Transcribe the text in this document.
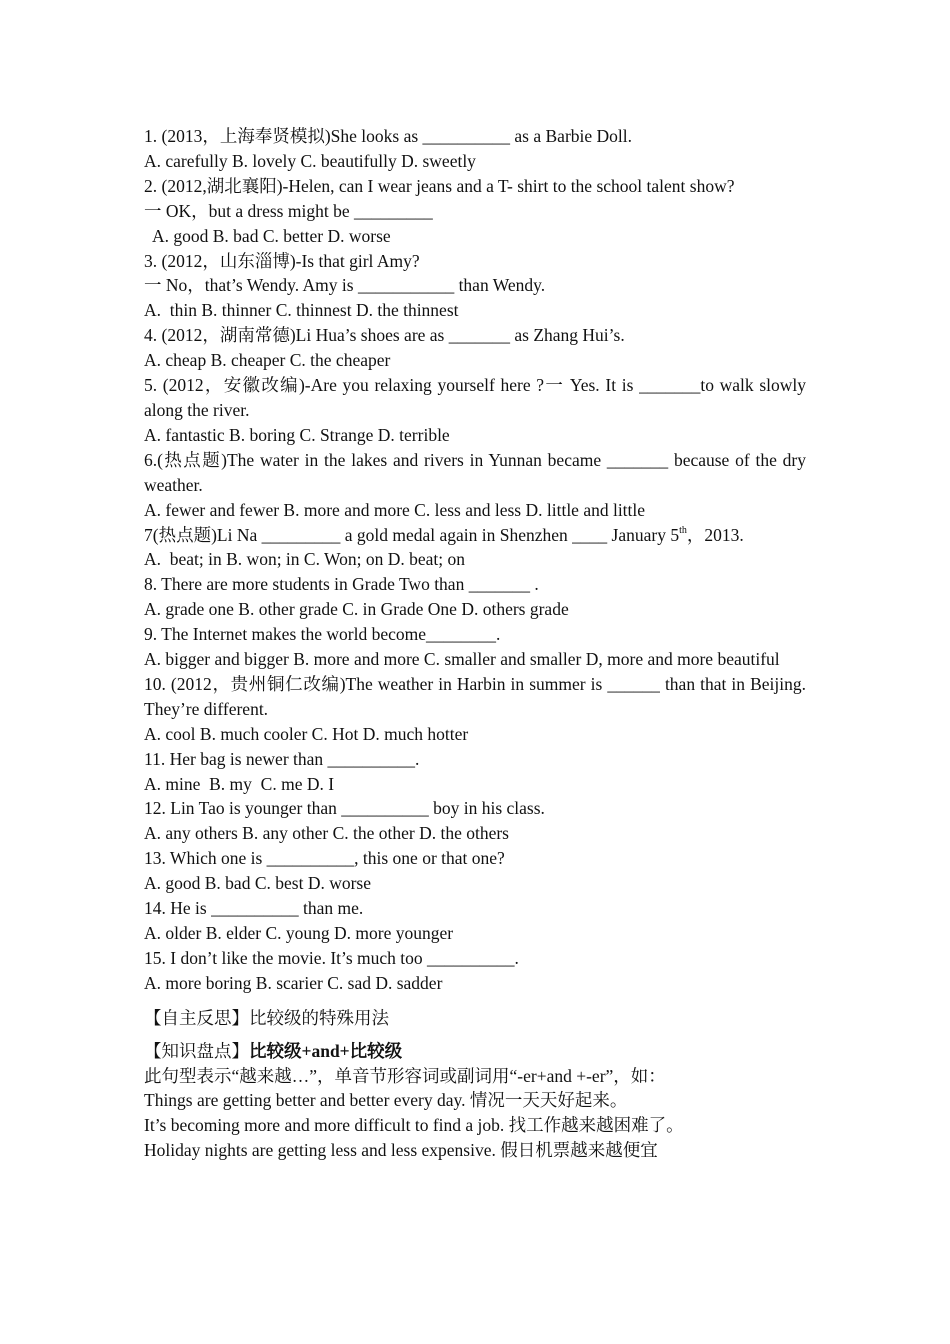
1. (2013，上海奉贤模拟)She looks as __________ as a Barbie Doll.
A. carefully B. lovely C. beautifully D. sweetly
2. (2012,湖北襄阳)-Helen, can I wear jeans and a T- shirt to the school talent show?
一 OK，but a dress might be _________
A. good B. bad C. better D. worse
3. (2012，山东淄博)-Is that girl Amy?
一 No，that’s Wendy. Amy is ___________ than Wendy.
A.  thin B. thinner C. thinnest D. the thinnest
4. (2012，湖南常德)Li Hua’s shoes are as _______ as Zhang Hui’s.
A. cheap B. cheaper C. the cheaper
5. (2012，安徽改编)-Are you relaxing yourself here ?一 Yes. It is _______to walk slowly along the river.
A. fantastic B. boring C. Strange D. terrible
6.(热点题)The water in the lakes and rivers in Yunnan became _______ because of the dry weather.
A. fewer and fewer B. more and more C. less and less D. little and little
7(热点题)Li Na _________ a gold medal again in Shenzhen ____ January 5th，2013.
A.  beat; in B. won; in C. Won; on D. beat; on
8. There are more students in Grade Two than _______ .
A. grade one B. other grade C. in Grade One D. others grade
9. The Internet makes the world become________.
A. bigger and bigger B. more and more C. smaller and smaller D, more and more beautiful
10. (2012，贵州铜仁改编)The weather in Harbin in summer is ______ than that in Beijing. They’re different.
A. cool B. much cooler C. Hot D. much hotter
11. Her bag is newer than __________.
A. mine  B. my  C. me D. I
12. Lin Tao is younger than __________ boy in his class.
A. any others B. any other C. the other D. the others
13. Which one is __________, this one or that one?
A. good B. bad C. best D. worse
14. He is __________ than me.
A. older B. elder C. young D. more younger
15. I don’t like the movie. It’s much too __________.
A. more boring B. scarier C. sad D. sadder
【自主反思】比较级的特殊用法
【知识盘点】比较级+and+比较级
此句型表示“越来越…”，单音节形容词或副词用“-er+and +-er”，如：
Things are getting better and better every day. 情况一天天好起来。
It’s becoming more and more difficult to find a job. 找工作越来越困难了。
Holiday nights are getting less and less expensive. 假日机票越来越便宜
